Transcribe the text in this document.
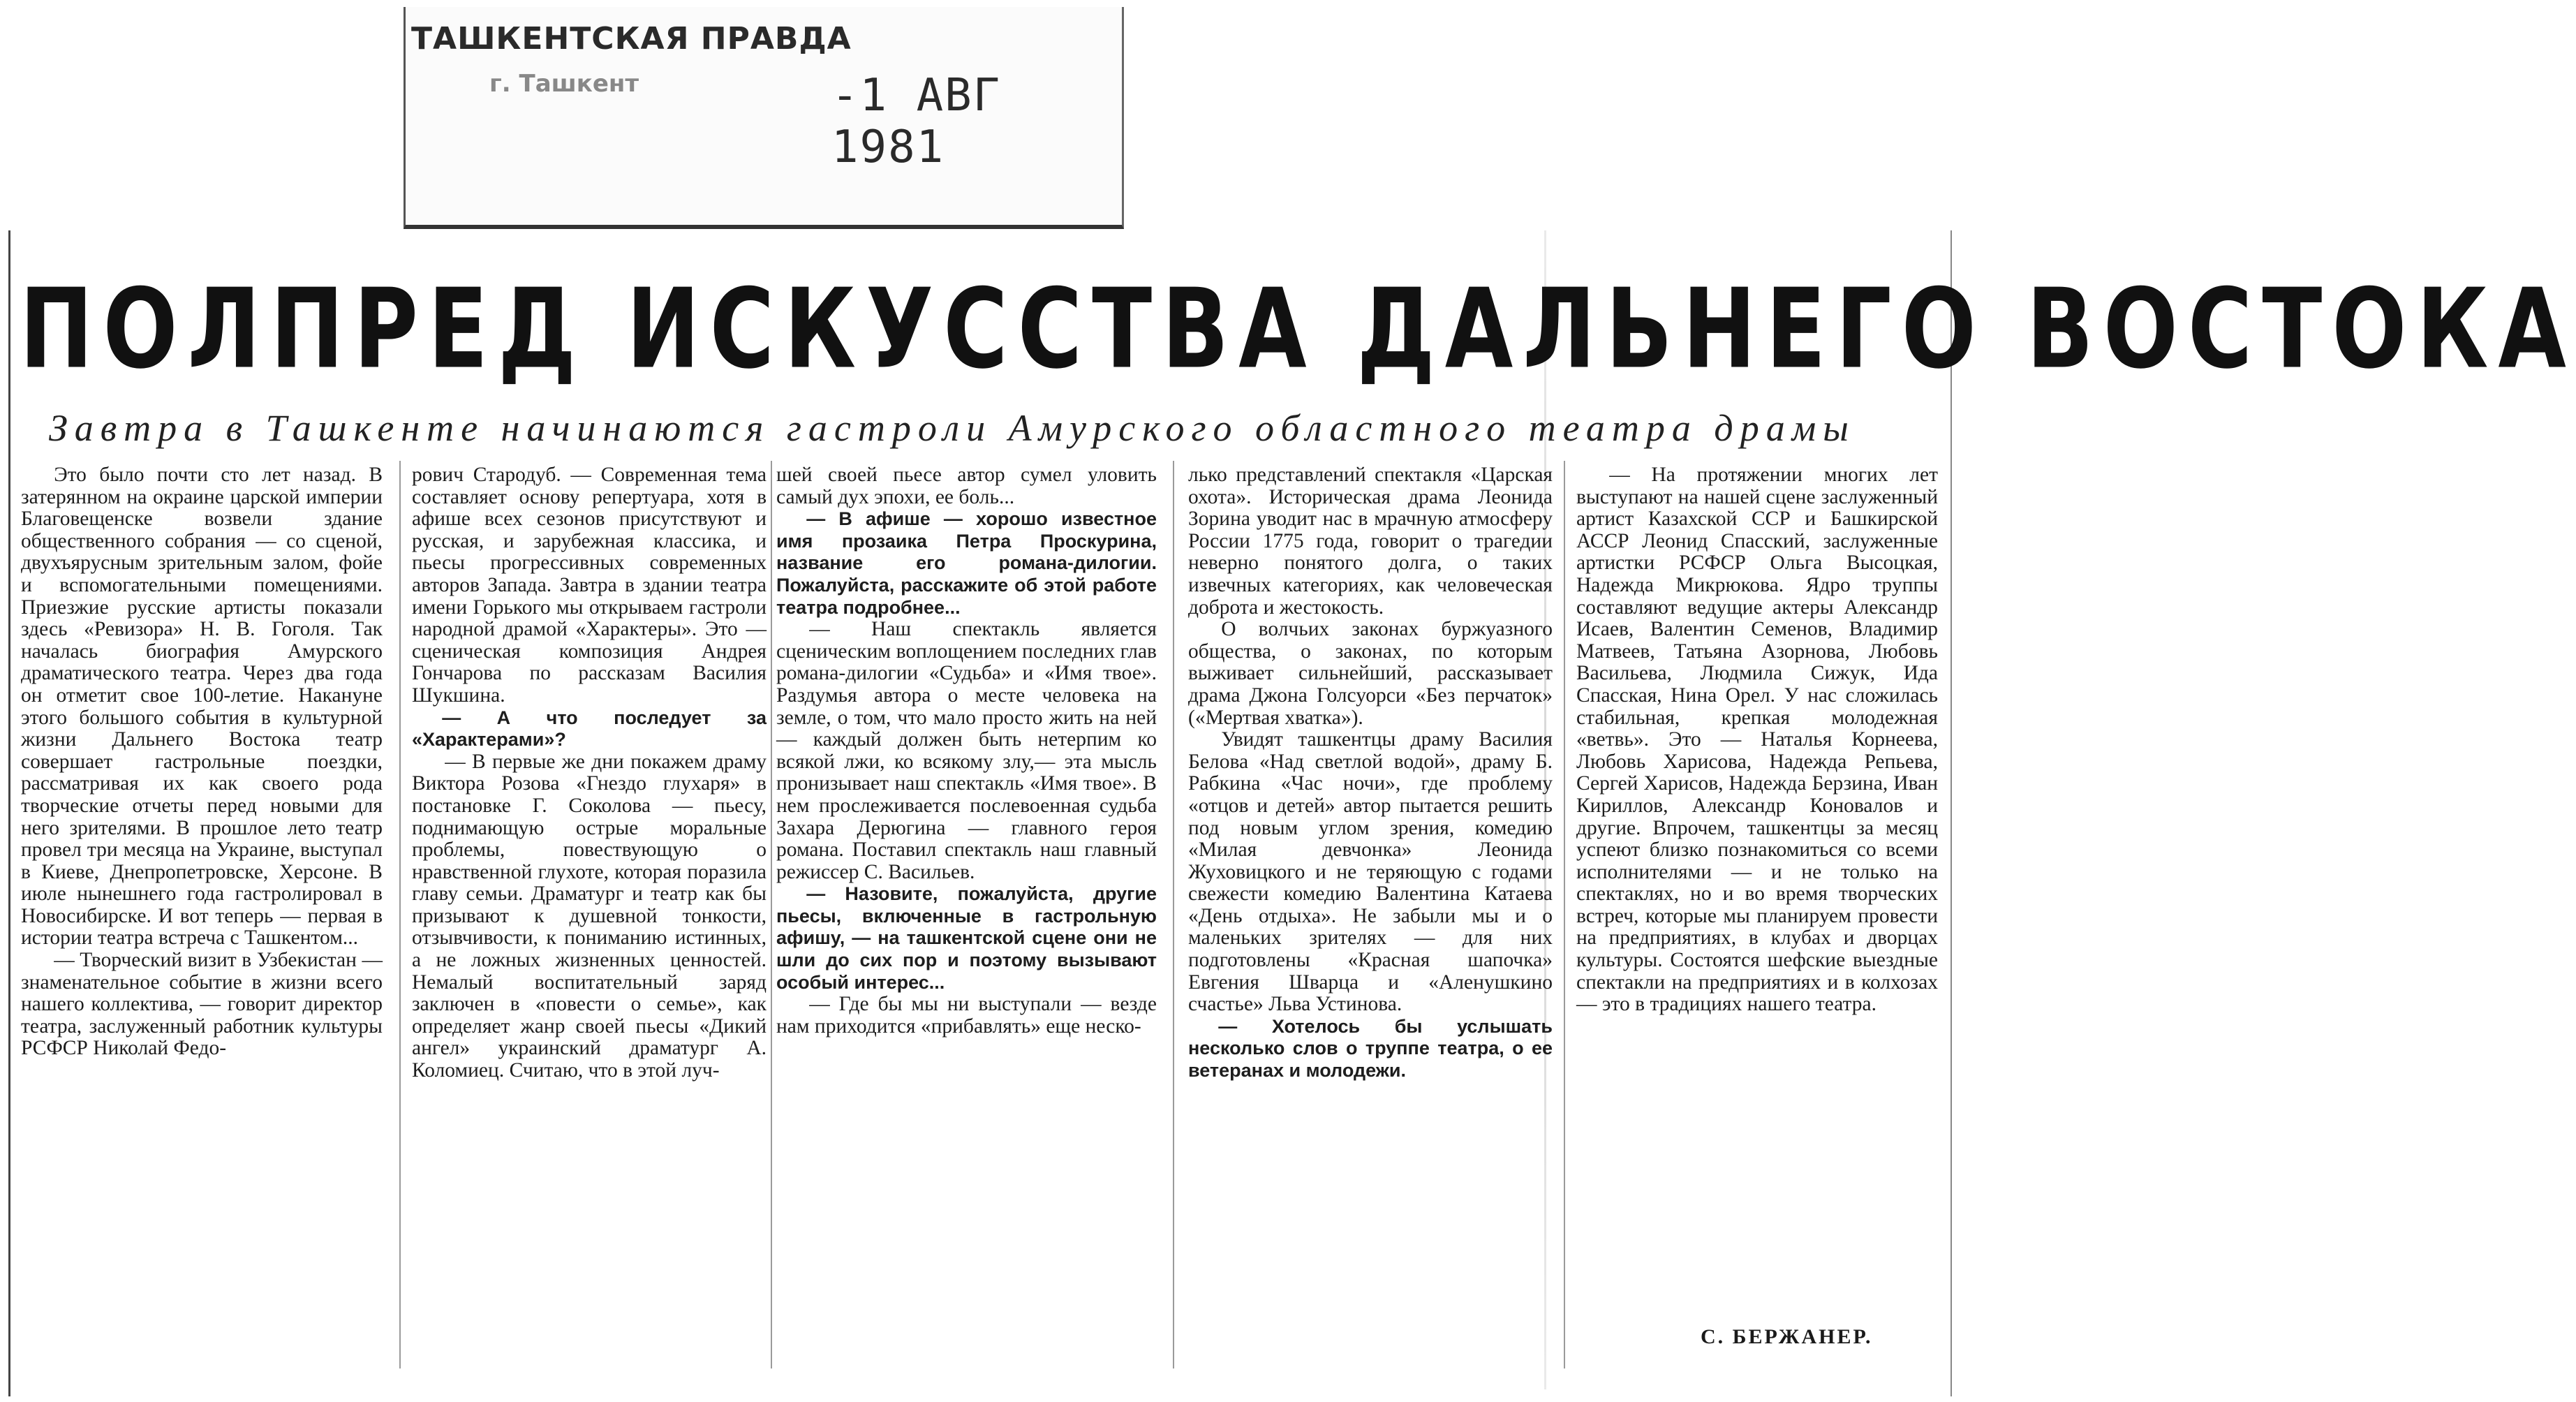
ТАШКЕНТСКАЯ ПРАВДА
г. Ташкент	-1 АВГ 1981
ПОЛПРЕД ИСКУССТВА ДАЛЬНЕГО ВОСТОКА
Завтра в Ташкенте начинаются гастроли Амурского областного театра драмы

Это было почти сто лет назад. В затерянном на окраине царской империи Благовещенске возвели здание общественного собрания — со сценой, двухъярусным зрительным залом, фойе и вспомогательными помещениями. Приезжие русские артисты показали здесь «Ревизора» Н. В. Гоголя. Так началась биография Амурского драматического театра. Через два года он отметит свое 100-летие. Накануне этого большого события в культурной жизни Дальнего Востока театр совершает гастрольные поездки, рассматривая их как своего рода творческие отчеты перед новыми для него зрителями. В прошлое лето театр провел три месяца на Украине, выступал в Киеве, Днепропетровске, Херсоне. В июле нынешнего года гастролировал в Новосибирске. И вот теперь — первая в истории театра встреча с Ташкентом...

— Творческий визит в Узбекистан — знаменательное событие в жизни всего нашего коллектива, — говорит директор театра, заслуженный работник культуры РСФСР Николай Федо-

рович Стародуб. — Современная тема составляет основу репертуара, хотя в афише всех сезонов присутствуют и русская, и зарубежная классика, и пьесы прогрессивных современных авторов Запада. Завтра в здании театра имени Горького мы открываем гастроли народной драмой «Характеры». Это — сценическая композиция Андрея Гончарова по рассказам Василия Шукшина.

— А что последует за «Характерами»?

— В первые же дни покажем драму Виктора Розова «Гнездо глухаря» в постановке Г. Соколова — пьесу, поднимающую острые моральные проблемы, повествующую о нравственной глухоте, которая поразила главу семьи. Драматург и театр как бы призывают к душевной тонкости, отзывчивости, к пониманию истинных, а не ложных жизненных ценностей. Немалый воспитательный заряд заключен в «повести о семье», как определяет жанр своей пьесы «Дикий ангел» украинский драматург А. Коломиец. Считаю, что в этой луч-

шей своей пьесе автор сумел уловить самый дух эпохи, ее боль...

— В афише — хорошо известное имя прозаика Петра Проскурина, название его романа-дилогии. Пожалуйста, расскажите об этой работе театра подробнее...

— Наш спектакль является сценическим воплощением последних глав романа-дилогии «Судьба» и «Имя твое». Раздумья автора о месте человека на земле, о том, что мало просто жить на ней — каждый должен быть нетерпим ко всякой лжи, ко всякому злу,— эта мысль пронизывает наш спектакль «Имя твое». В нем прослеживается послевоенная судьба Захара Дерюгина — главного героя романа. Поставил спектакль наш главный режиссер С. Васильев.

— Назовите, пожалуйста, другие пьесы, включенные в гастрольную афишу, — на ташкентской сцене они не шли до сих пор и поэтому вызывают особый интерес...

— Где бы мы ни выступали — везде нам приходится «прибавлять» еще неско-

лько представлений спектакля «Царская охота». Историческая драма Леонида Зорина уводит нас в мрачную атмосферу России 1775 года, говорит о трагедии неверно понятого долга, о таких извечных категориях, как человеческая доброта и жестокость.

О волчьих законах буржуазного общества, о законах, по которым выживает сильнейший, рассказывает драма Джона Голсуорси «Без перчаток» («Мертвая хватка»).

Увидят ташкентцы драму Василия Белова «Над светлой водой», драму Б. Рабкина «Час ночи», где проблему «отцов и детей» автор пытается решить под новым углом зрения, комедию «Милая девчонка» Леонида Жуховицкого и не теряющую с годами свежести комедию Валентина Катаева «День отдыха». Не забыли мы и о маленьких зрителях — для них подготовлены «Красная шапочка» Евгения Шварца и «Аленушкино счастье» Льва Устинова.

— Хотелось бы услышать несколько слов о труппе театра, о ее ветеранах и молодежи.

— На протяжении многих лет выступают на нашей сцене заслуженный артист Казахской ССР и Башкирской АССР Леонид Спасский, заслуженные артистки РСФСР Ольга Высоцкая, Надежда Микрюкова. Ядро труппы составляют ведущие актеры Александр Исаев, Валентин Семенов, Владимир Матвеев, Татьяна Азорнова, Любовь Васильева, Людмила Сижук, Ида Спасская, Нина Орел. У нас сложилась стабильная, крепкая молодежная «ветвь». Это — Наталья Корнеева, Любовь Харисова, Надежда Репьева, Сергей Харисов, Надежда Берзина, Иван Кириллов, Александр Коновалов и другие. Впрочем, ташкентцы за месяц успеют близко познакомиться со всеми исполнителями — и не только на спектаклях, но и во время творческих встреч, которые мы планируем провести на предприятиях, в клубах и дворцах культуры. Состоятся шефские выездные спектакли на предприятиях и в колхозах — это в традициях нашего театра.

С. БЕРЖАНЕР.
